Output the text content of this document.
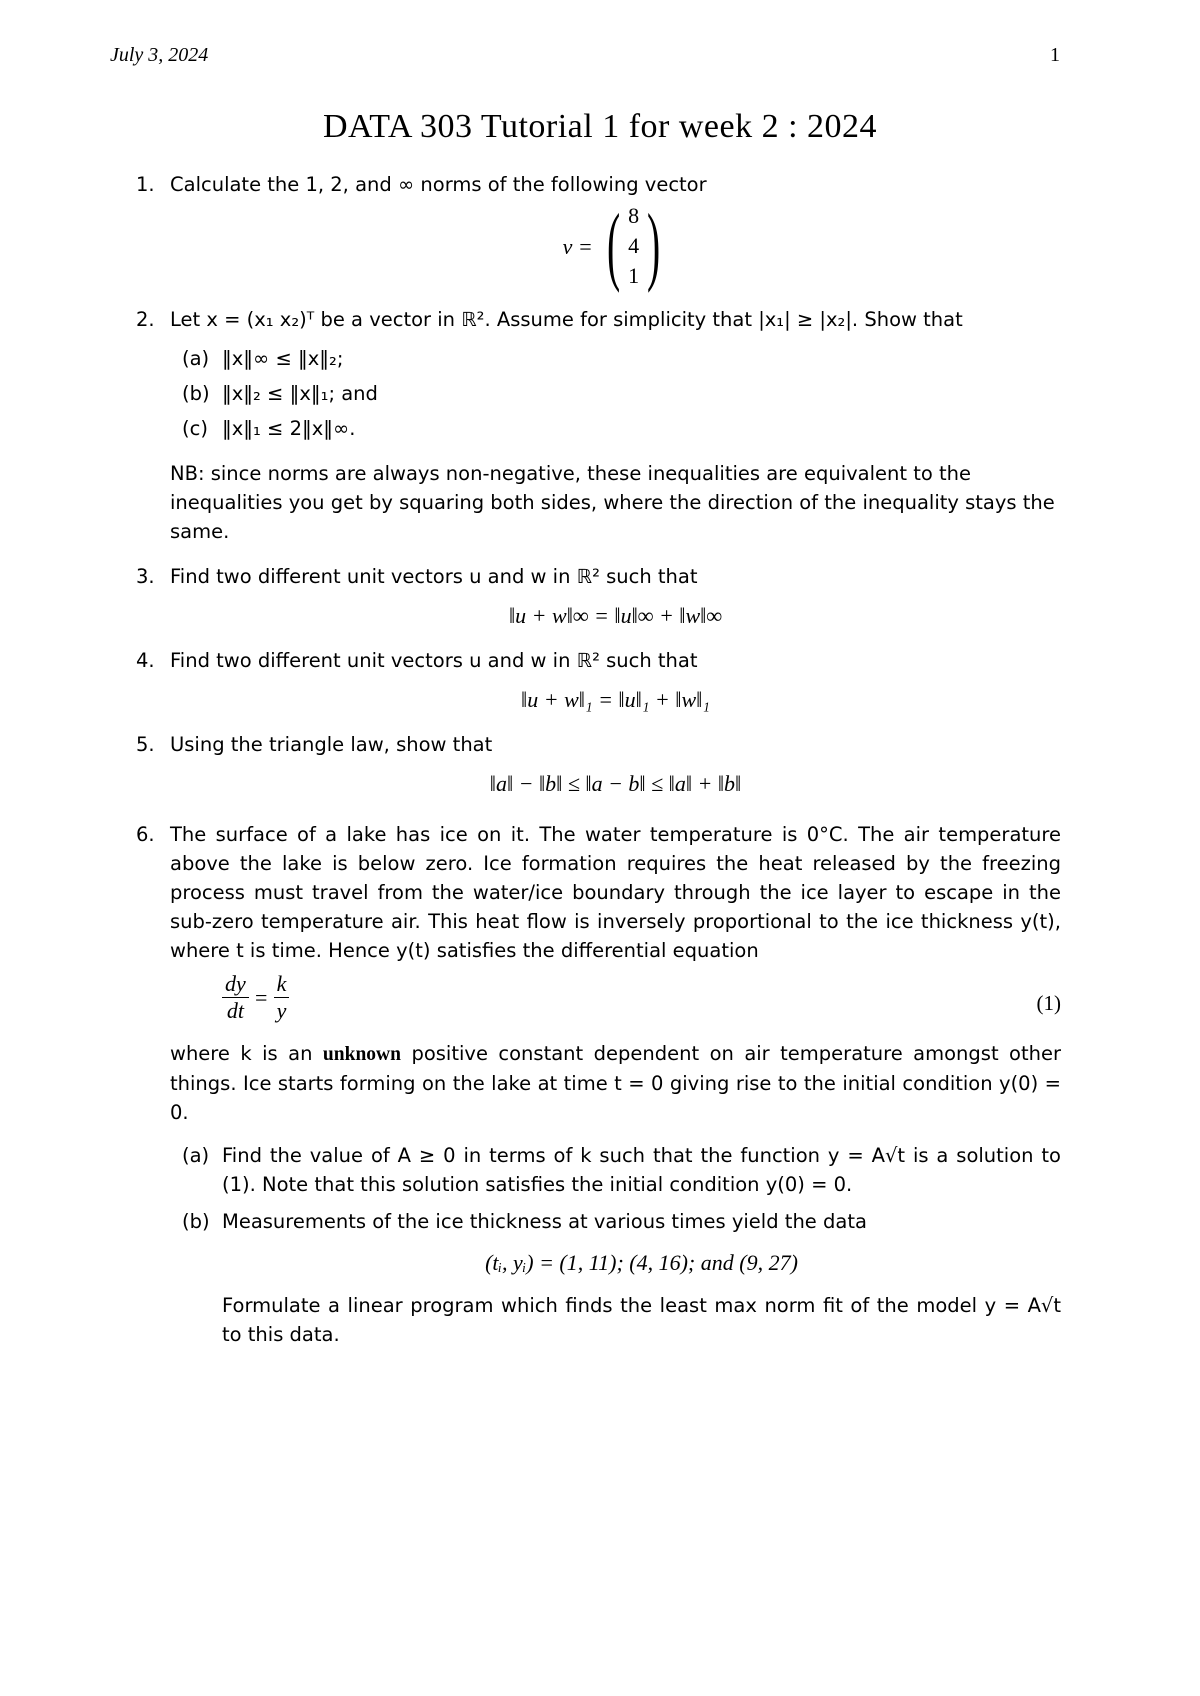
July 3, 2024	1
DATA 303 Tutorial 1 for week 2 : 2024
1. Calculate the 1, 2, and ∞ norms of the following vector
v = ( 8
4
1 )
2. Let x = (x₁ x₂)ᵀ be a vector in ℝ². Assume for simplicity that |x₁| ≥ |x₂|. Show that
(a) ‖x‖∞ ≤ ‖x‖₂;
(b) ‖x‖₂ ≤ ‖x‖₁; and
(c) ‖x‖₁ ≤ 2‖x‖∞.
NB: since norms are always non-negative, these inequalities are equivalent to the inequalities you get by squaring both sides, where the direction of the inequality stays the same.
3. Find two different unit vectors u and w in ℝ² such that
‖u + w‖∞ = ‖u‖∞ + ‖w‖∞
4. Find two different unit vectors u and w in ℝ² such that
‖u + w‖₁ = ‖u‖₁ + ‖w‖₁
5. Using the triangle law, show that
‖a‖ − ‖b‖ ≤ ‖a − b‖ ≤ ‖a‖ + ‖b‖
6. The surface of a lake has ice on it. The water temperature is 0°C. The air temperature above the lake is below zero. Ice formation requires the heat released by the freezing process must travel from the water/ice boundary through the ice layer to escape in the sub-zero temperature air. This heat flow is inversely proportional to the ice thickness y(t), where t is time. Hence y(t) satisfies the differential equation
$\frac{dy}{dt} = \frac{k}{y}$	(1)
where k is an unknown positive constant dependent on air temperature amongst other things. Ice starts forming on the lake at time t = 0 giving rise to the initial condition y(0) = 0.
(a) Find the value of A ≥ 0 in terms of k such that the function y = A√t is a solution to (1). Note that this solution satisfies the initial condition y(0) = 0.
(b) Measurements of the ice thickness at various times yield the data
(tᵢ, yᵢ) = (1, 11); (4, 16); and (9, 27)
Formulate a linear program which finds the least max norm fit of the model y = A√t to this data.
